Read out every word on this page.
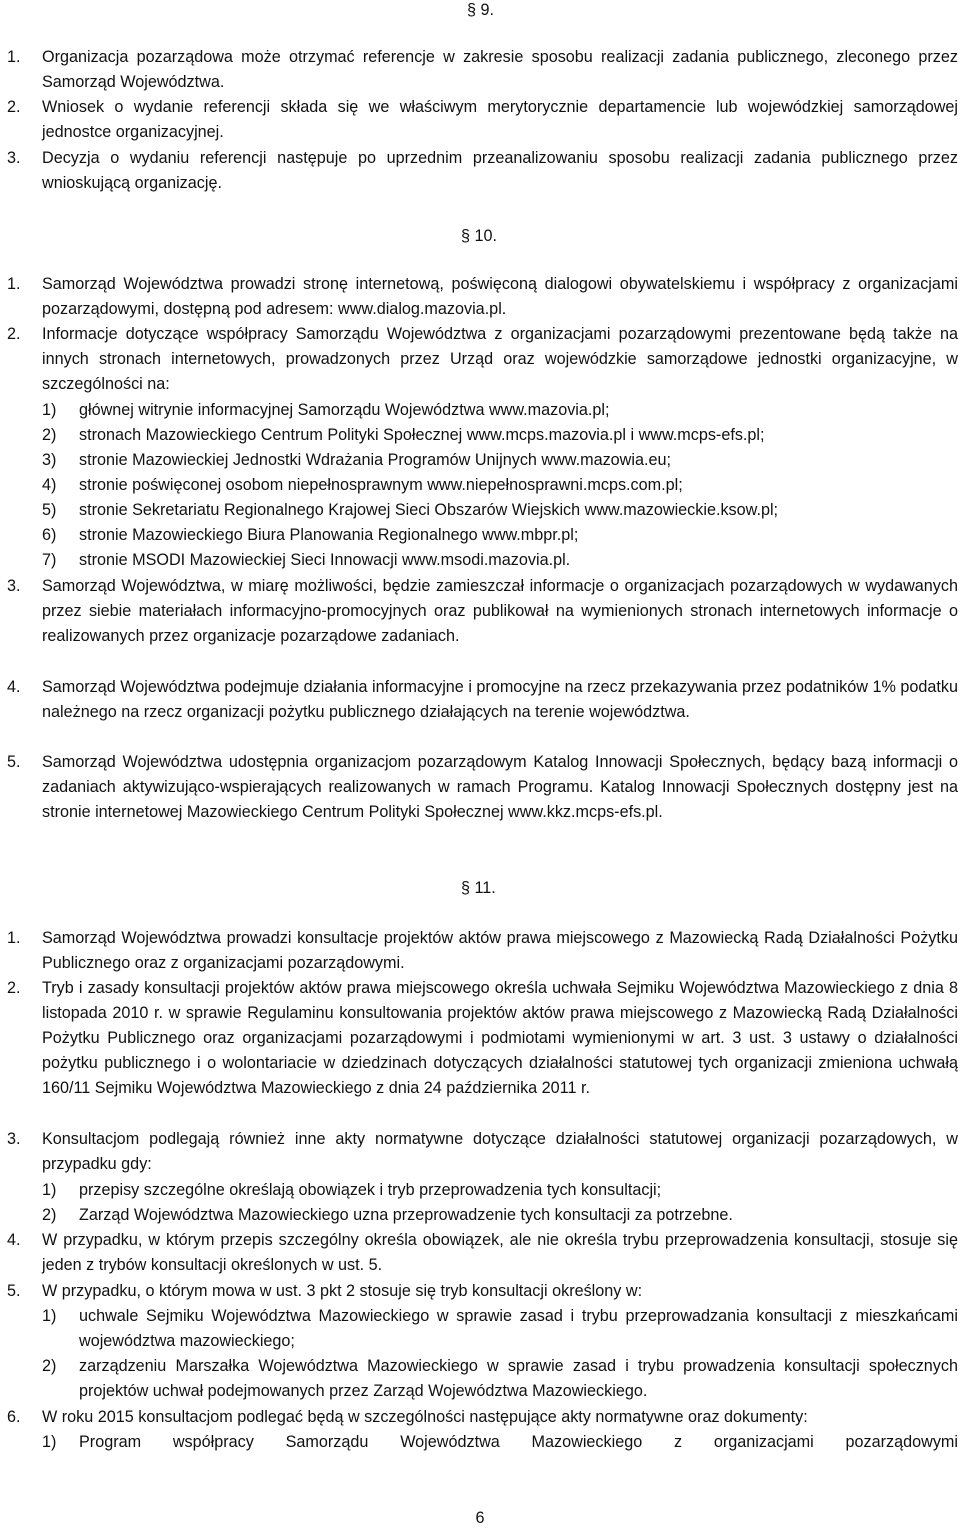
§ 9.
1. Organizacja pozarządowa może otrzymać referencje w zakresie sposobu realizacji zadania publicznego, zleconego przez Samorząd Województwa.
2. Wniosek o wydanie referencji składa się we właściwym merytorycznie departamencie lub wojewódzkiej samorządowej jednostce organizacyjnej.
3. Decyzja o wydaniu referencji następuje po uprzednim przeanalizowaniu sposobu realizacji zadania publicznego przez wnioskującą organizację.
§ 10.
1. Samorząd Województwa prowadzi stronę internetową, poświęconą dialogowi obywatelskiemu i współpracy z organizacjami pozarządowymi, dostępną pod adresem: www.dialog.mazovia.pl.
2. Informacje dotyczące współpracy Samorządu Województwa z organizacjami pozarządowymi prezentowane będą także na innych stronach internetowych, prowadzonych przez Urząd oraz wojewódzkie samorządowe jednostki organizacyjne, w szczególności na:
1) głównej witrynie informacyjnej Samorządu Województwa www.mazovia.pl;
2) stronach Mazowieckiego Centrum Polityki Społecznej www.mcps.mazovia.pl i www.mcps-efs.pl;
3) stronie Mazowieckiej Jednostki Wdrażania Programów Unijnych www.mazowia.eu;
4) stronie poświęconej osobom niepełnosprawnym www.niepełnosprawni.mcps.com.pl;
5) stronie Sekretariatu Regionalnego Krajowej Sieci Obszarów Wiejskich www.mazowieckie.ksow.pl;
6) stronie Mazowieckiego Biura Planowania Regionalnego www.mbpr.pl;
7) stronie MSODI Mazowieckiej Sieci Innowacji www.msodi.mazovia.pl.
3. Samorząd Województwa, w miarę możliwości, będzie zamieszczał informacje o organizacjach pozarządowych w wydawanych przez siebie materiałach informacyjno-promocyjnych oraz publikował na wymienionych stronach internetowych informacje o realizowanych przez organizacje pozarządowe zadaniach.
4. Samorząd Województwa podejmuje działania informacyjne i promocyjne na rzecz przekazywania przez podatników 1% podatku należnego na rzecz organizacji pożytku publicznego działających na terenie województwa.
5. Samorząd Województwa udostępnia organizacjom pozarządowym Katalog Innowacji Społecznych, będący bazą informacji o zadaniach aktywizująco-wspierających realizowanych w ramach Programu. Katalog Innowacji Społecznych dostępny jest na stronie internetowej Mazowieckiego Centrum Polityki Społecznej www.kkz.mcps-efs.pl.
§ 11.
1. Samorząd Województwa prowadzi konsultacje projektów aktów prawa miejscowego z Mazowiecką Radą Działalności Pożytku Publicznego oraz z organizacjami pozarządowymi.
2. Tryb i zasady konsultacji projektów aktów prawa miejscowego określa uchwała Sejmiku Województwa Mazowieckiego z dnia 8 listopada 2010 r. w sprawie Regulaminu konsultowania projektów aktów prawa miejscowego z Mazowiecką Radą Działalności Pożytku Publicznego oraz organizacjami pozarządowymi i podmiotami wymienionymi w art. 3 ust. 3 ustawy o działalności pożytku publicznego i o wolontariacie w dziedzinach dotyczących działalności statutowej tych organizacji zmieniona uchwałą 160/11 Sejmiku Województwa Mazowieckiego z dnia 24 października 2011 r.
3. Konsultacjom podlegają również inne akty normatywne dotyczące działalności statutowej organizacji pozarządowych, w przypadku gdy:
1) przepisy szczególne określają obowiązek i tryb przeprowadzenia tych konsultacji;
2) Zarząd Województwa Mazowieckiego uzna przeprowadzenie tych konsultacji za potrzebne.
4. W przypadku, w którym przepis szczególny określa obowiązek, ale nie określa trybu przeprowadzenia konsultacji, stosuje się jeden z trybów konsultacji określonych w ust. 5.
5. W przypadku, o którym mowa w ust. 3 pkt 2 stosuje się tryb konsultacji określony w:
1) uchwale Sejmiku Województwa Mazowieckiego w sprawie zasad i trybu przeprowadzania konsultacji z mieszkańcami województwa mazowieckiego;
2) zarządzeniu Marszałka Województwa Mazowieckiego w sprawie zasad i trybu prowadzenia konsultacji społecznych projektów uchwał podejmowanych przez Zarząd Województwa Mazowieckiego.
6. W roku 2015 konsultacjom podlegać będą w szczególności następujące akty normatywne oraz dokumenty:
1) Program współpracy Samorządu Województwa Mazowieckiego z organizacjami pozarządowymi
6
